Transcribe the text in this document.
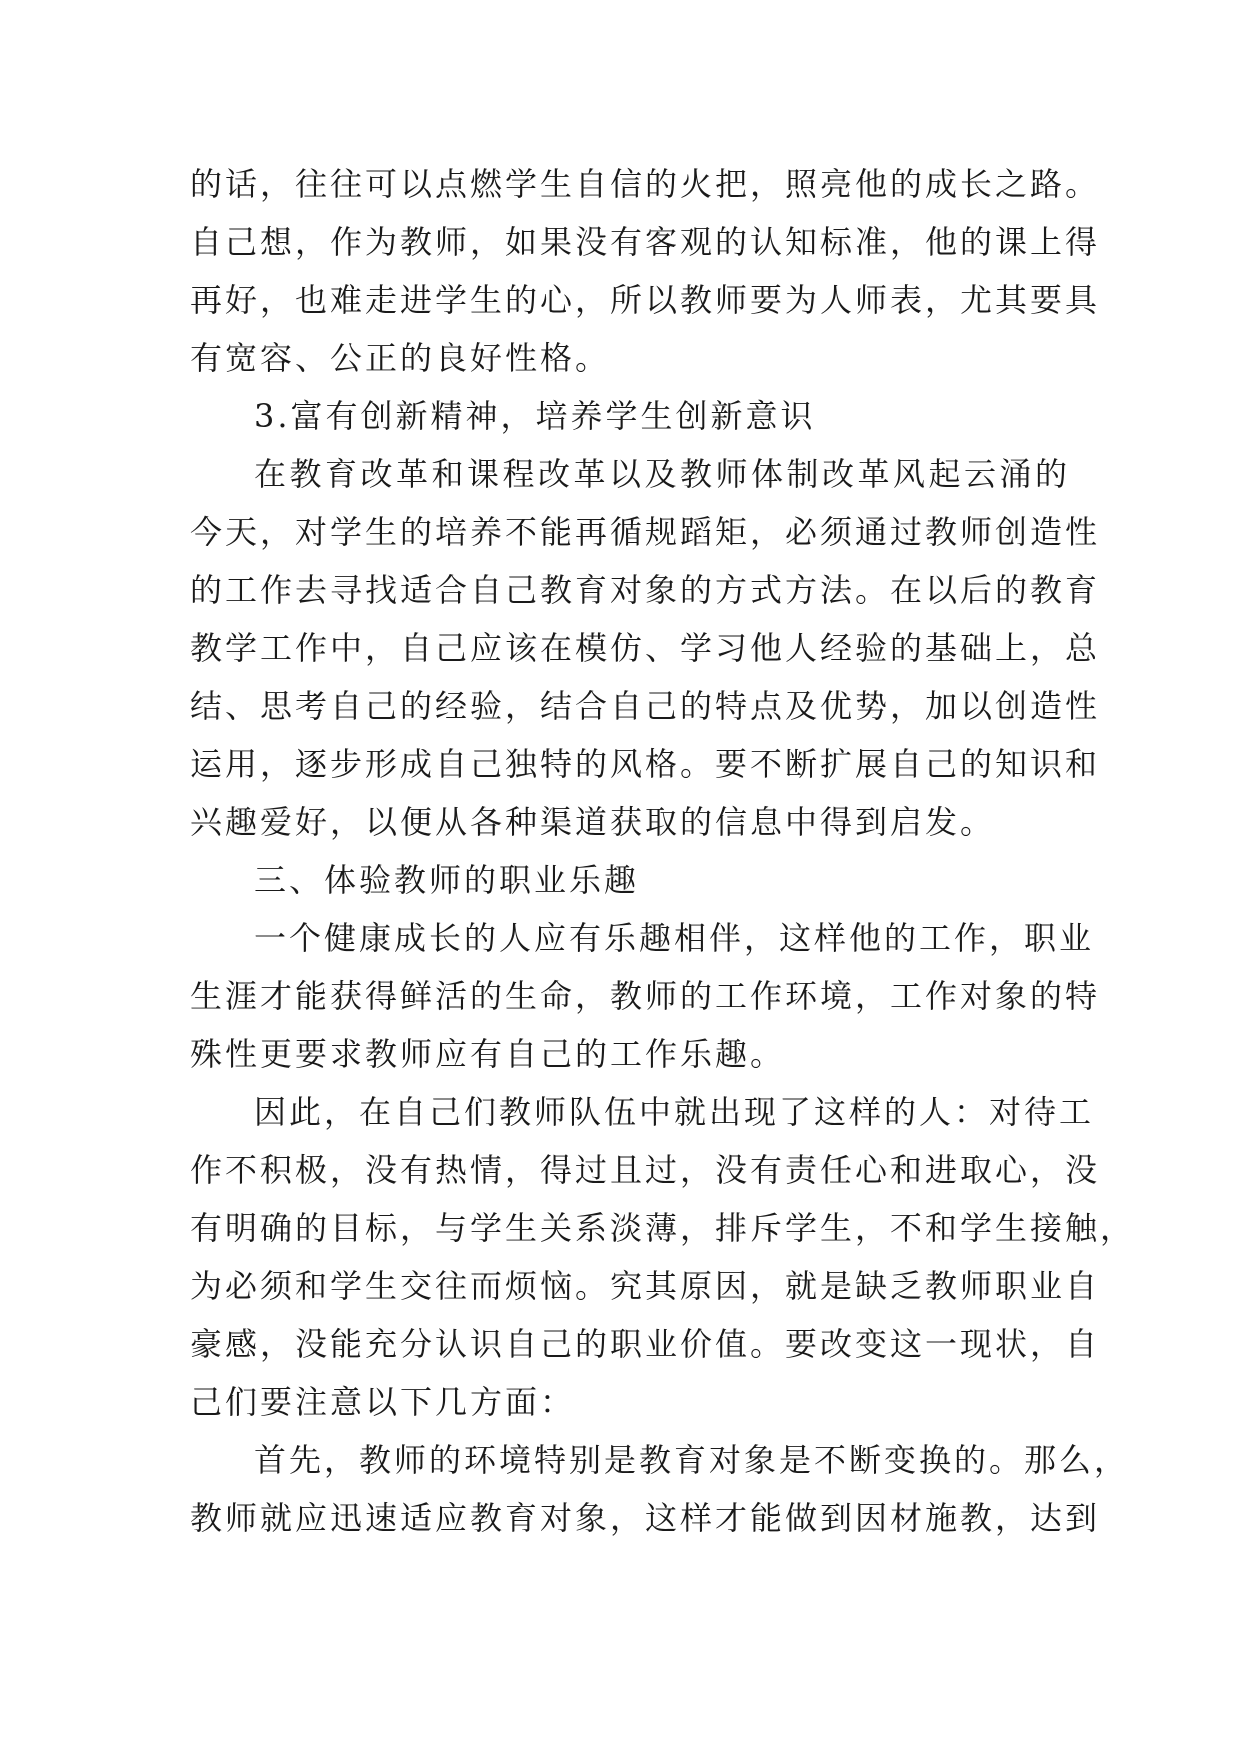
的话，往往可以点燃学生自信的火把，照亮他的成长之路。
自己想，作为教师，如果没有客观的认知标准，他的课上得
再好，也难走进学生的心，所以教师要为人师表，尤其要具
有宽容、公正的良好性格。
3.富有创新精神，培养学生创新意识
在教育改革和课程改革以及教师体制改革风起云涌的
今天，对学生的培养不能再循规蹈矩，必须通过教师创造性
的工作去寻找适合自己教育对象的方式方法。在以后的教育
教学工作中，自己应该在模仿、学习他人经验的基础上，总
结、思考自己的经验，结合自己的特点及优势，加以创造性
运用，逐步形成自己独特的风格。要不断扩展自己的知识和
兴趣爱好，以便从各种渠道获取的信息中得到启发。
三、体验教师的职业乐趣
一个健康成长的人应有乐趣相伴，这样他的工作，职业
生涯才能获得鲜活的生命，教师的工作环境，工作对象的特
殊性更要求教师应有自己的工作乐趣。
因此，在自己们教师队伍中就出现了这样的人：对待工
作不积极，没有热情，得过且过，没有责任心和进取心，没
有明确的目标，与学生关系淡薄，排斥学生，不和学生接触，
为必须和学生交往而烦恼。究其原因，就是缺乏教师职业自
豪感，没能充分认识自己的职业价值。要改变这一现状，自
己们要注意以下几方面：
首先，教师的环境特别是教育对象是不断变换的。那么，
教师就应迅速适应教育对象，这样才能做到因材施教，达到
